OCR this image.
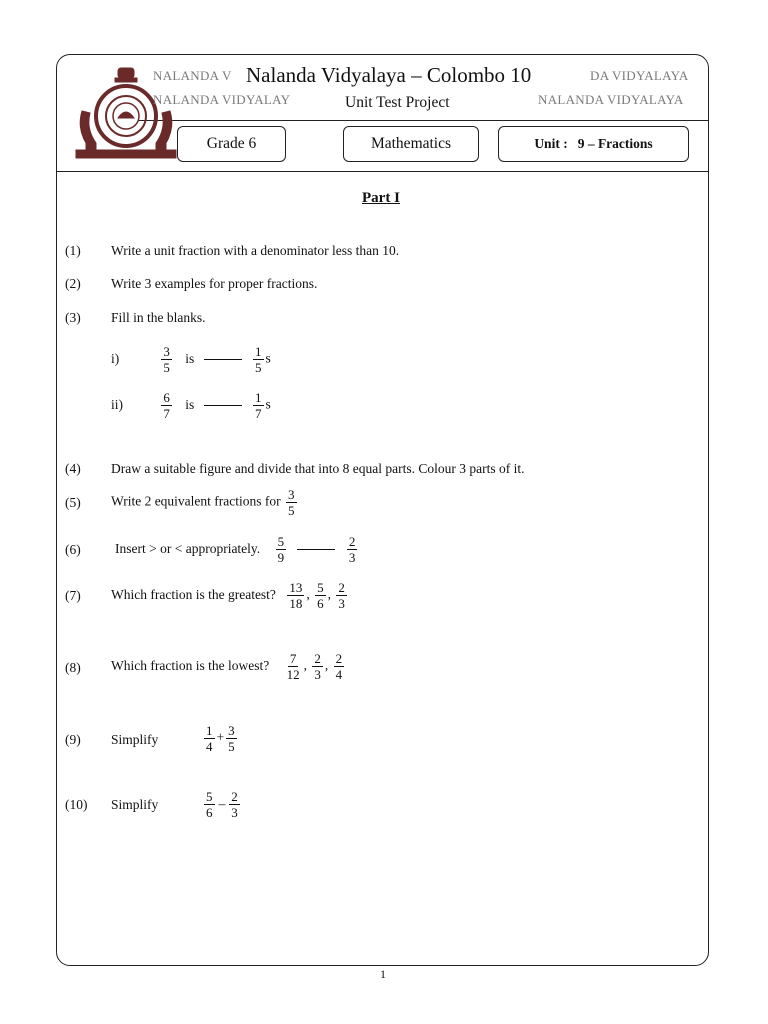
NALANDA V
NALANDA VIDYALAY
DA VIDYALAYA
NALANDA VIDYALAYA
Nalanda Vidyalaya – Colombo 10
Unit Test Project
Grade 6	Mathematics	Unit : 9 – Fractions
Part I
(1) Write a unit fraction with a denominator less than 10.
(2) Write 3 examples for proper fractions.
(3) Fill in the blanks.
i)	$\frac{3}{5}$ is	$\frac{1}{5}$ s
ii)	$\frac{6}{7}$ is	$\frac{1}{7}$ s
(4) Draw a suitable figure and divide that into 8 equal parts. Colour 3 parts of it.
(5) Write 2 equivalent fractions for $\frac{3}{5}$
(6)	Insert > or < appropriately. $\frac{5}{9}$
	$\frac{2}{3}$
(7) Which fraction is the greatest? $\frac{13}{18}$ , $\frac{5}{6}$ , $\frac{2}{3}$
(8) Which fraction is the lowest? $\frac{7}{12}$ , $\frac{2}{3}$ , $\frac{2}{4}$
(9) Simplify	$\frac{1}{4} + \frac{3}{5}$
(10) Simplify	$\frac{5}{6} - \frac{2}{3}$
1
